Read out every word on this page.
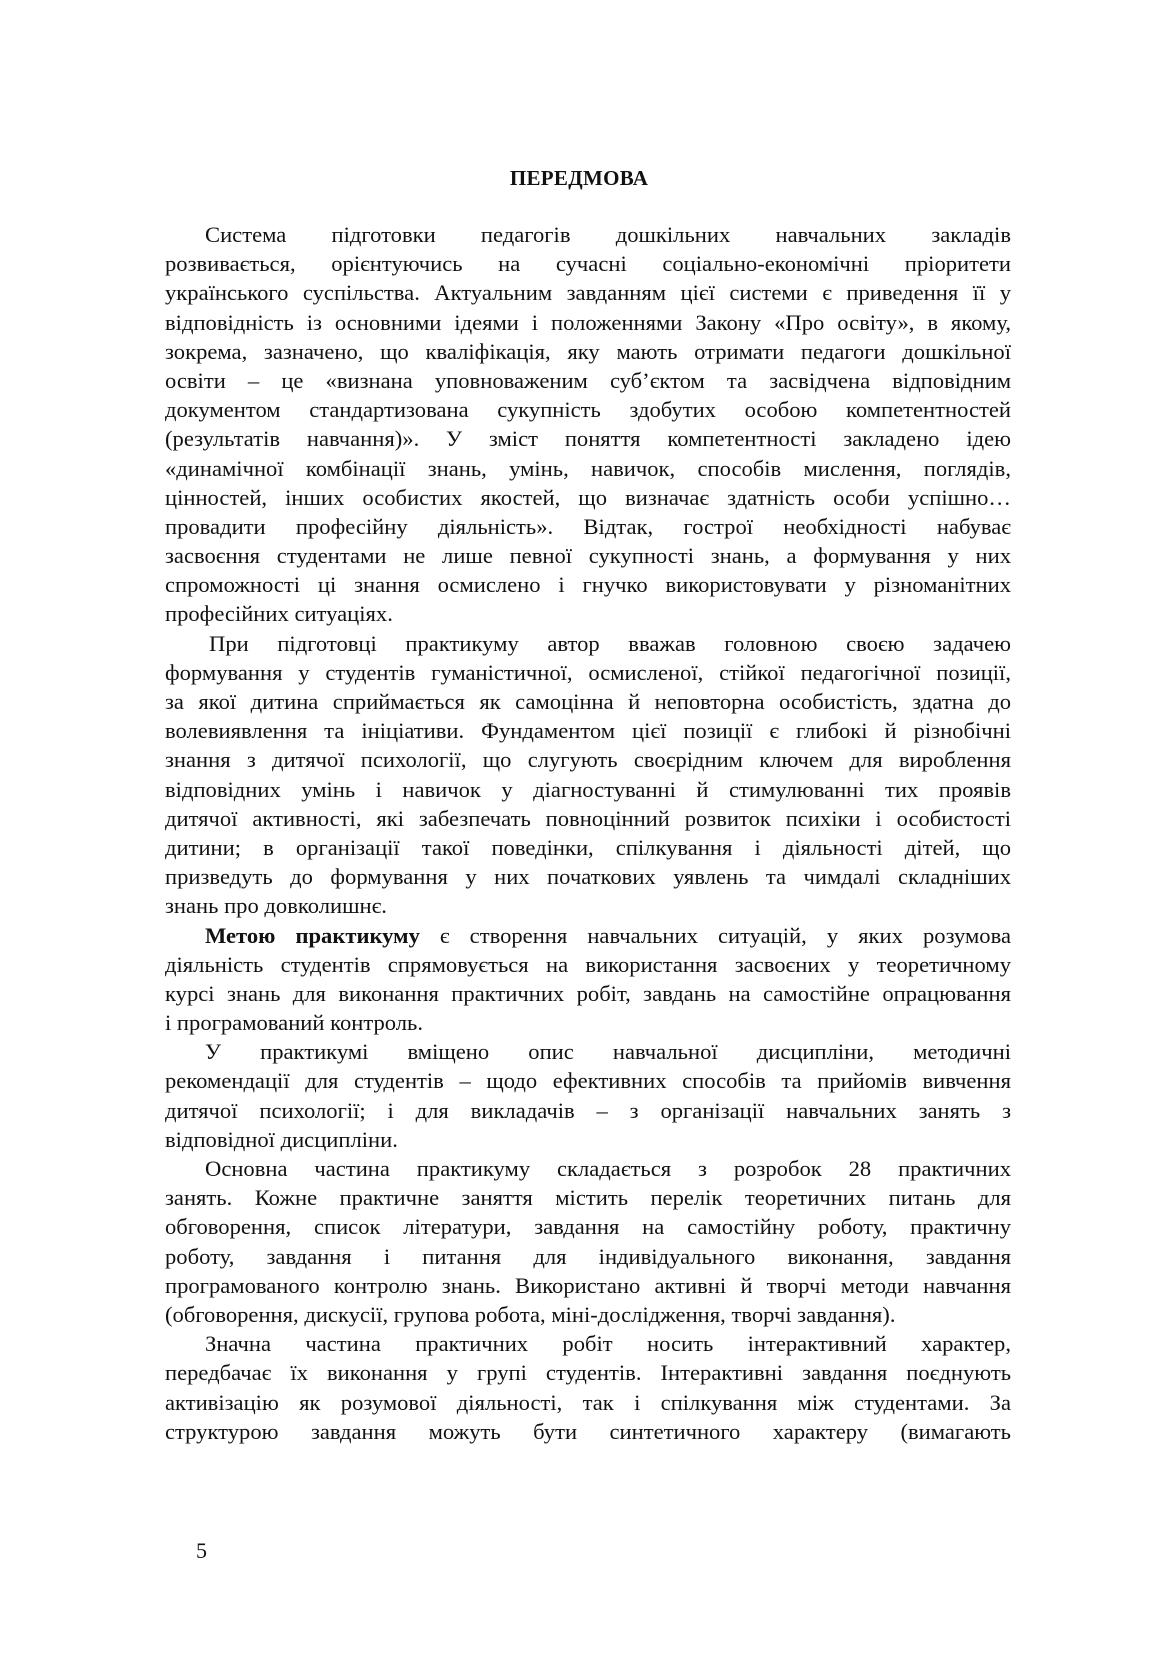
ПЕРЕДМОВА

Система підготовки педагогів дошкільних навчальних закладів
розвивається, орієнтуючись на сучасні соціально-економічні пріоритети
українського суспільства. Актуальним завданням цієї системи є приведення її у
відповідність із основними ідеями і положеннями Закону «Про освіту», в якому,
зокрема, зазначено, що кваліфікація, яку мають отримати педагоги дошкільної
освіти – це «визнана уповноваженим суб’єктом та засвідчена відповідним
документом стандартизована сукупність здобутих особою компетентностей
(результатів навчання)». У зміст поняття компетентності закладено ідею
«динамічної комбінації знань, умінь, навичок, способів мислення, поглядів,
цінностей, інших особистих якостей, що визначає здатність особи успішно…
провадити професійну діяльність». Відтак, гострої необхідності набуває
засвоєння студентами не лише певної сукупності знань, а формування у них
спроможності ці знання осмислено і гнучко використовувати у різноманітних
професійних ситуаціях.

При підготовці практикуму автор вважав головною своєю задачею
формування у студентів гуманістичної, осмисленої, стійкої педагогічної позиції,
за якої дитина сприймається як самоцінна й неповторна особистість, здатна до
волевиявлення та ініціативи. Фундаментом цієї позиції є глибокі й різнобічні
знання з дитячої психології, що слугують своєрідним ключем для вироблення
відповідних умінь і навичок у діагностуванні й стимулюванні тих проявів
дитячої активності, які забезпечать повноцінний розвиток психіки і особистості
дитини; в організації такої поведінки, спілкування і діяльності дітей, що
призведуть до формування у них початкових уявлень та чимдалі складніших
знань про довколишнє.

Метою практикуму є створення навчальних ситуацій, у яких розумова
діяльність студентів спрямовується на використання засвоєних у теоретичному
курсі знань для виконання практичних робіт, завдань на самостійне опрацювання
і програмований контроль.

У практикумі вміщено опис навчальної дисципліни, методичні
рекомендації для студентів – щодо ефективних способів та прийомів вивчення
дитячої психології; і для викладачів – з організації навчальних занять з
відповідної дисципліни.

Основна частина практикуму складається з розробок 28 практичних
занять. Кожне практичне заняття містить перелік теоретичних питань для
обговорення, список літератури, завдання на самостійну роботу, практичну
роботу, завдання і питання для індивідуального виконання, завдання
програмованого контролю знань. Використано активні й творчі методи навчання
(обговорення, дискусії, групова робота, міні-дослідження, творчі завдання).

Значна частина практичних робіт носить інтерактивний характер,
передбачає їх виконання у групі студентів. Інтерактивні завдання поєднують
активізацію як розумової діяльності, так і спілкування між студентами. За
структурою завдання можуть бути синтетичного характеру (вимагають

5
